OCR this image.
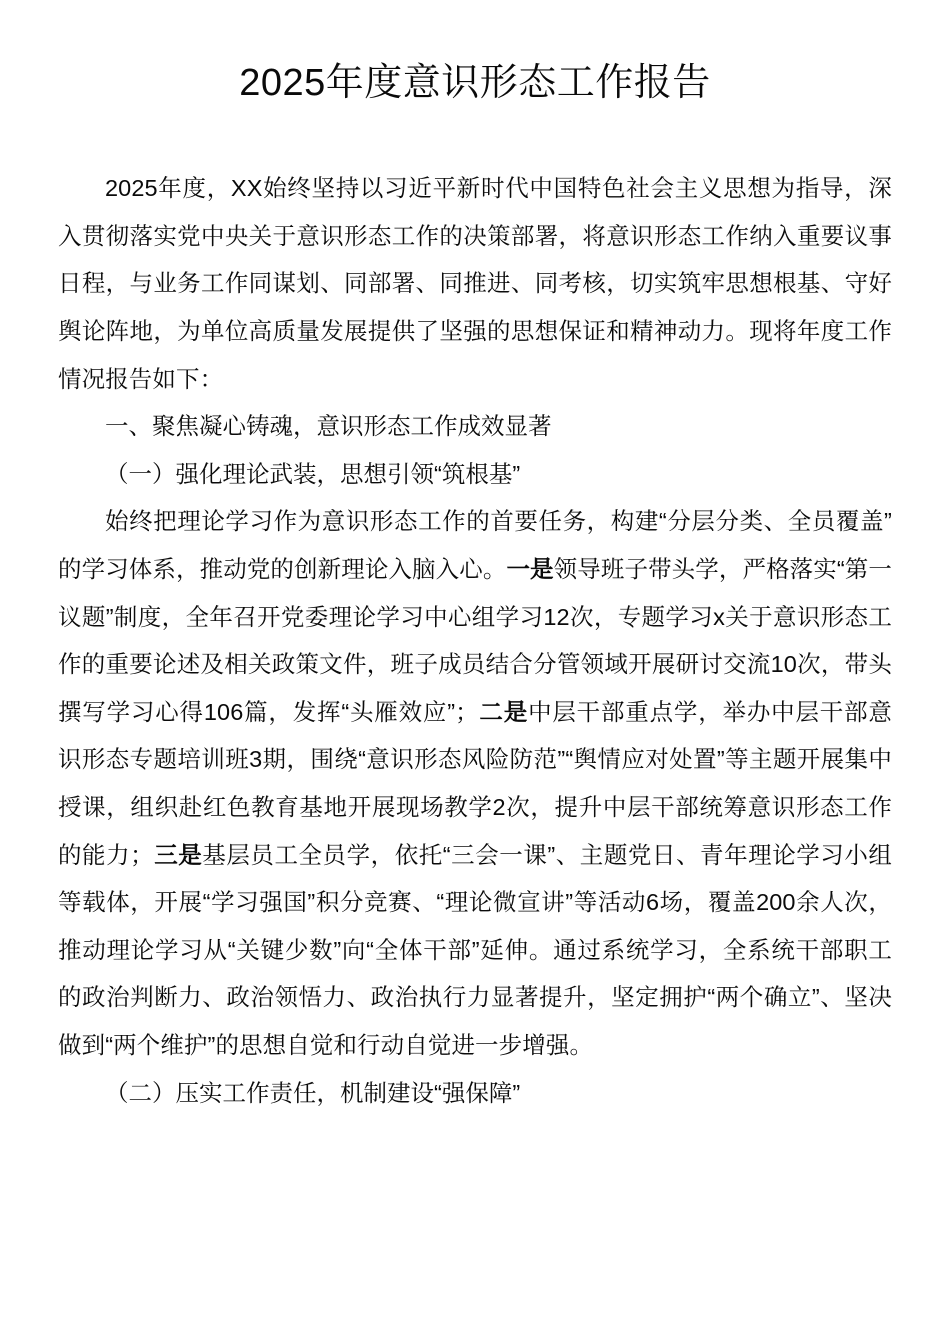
2025年度意识形态工作报告

2025年度，XX始终坚持以习近平新时代中国特色社会主义思想为指导，深入贯彻落实党中央关于意识形态工作的决策部署，将意识形态工作纳入重要议事日程，与业务工作同谋划、同部署、同推进、同考核，切实筑牢思想根基、守好舆论阵地，为单位高质量发展提供了坚强的思想保证和精神动力。现将年度工作情况报告如下：

一、聚焦凝心铸魂，意识形态工作成效显著

（一）强化理论武装，思想引领“筑根基”

始终把理论学习作为意识形态工作的首要任务，构建“分层分类、全员覆盖”的学习体系，推动党的创新理论入脑入心。一是领导班子带头学，严格落实“第一议题”制度，全年召开党委理论学习中心组学习12次，专题学习x关于意识形态工作的重要论述及相关政策文件，班子成员结合分管领域开展研讨交流10次，带头撰写学习心得106篇，发挥“头雁效应”；二是中层干部重点学，举办中层干部意识形态专题培训班3期，围绕“意识形态风险防范”“舆情应对处置”等主题开展集中授课，组织赴红色教育基地开展现场教学2次，提升中层干部统筹意识形态工作的能力；三是基层员工全员学，依托“三会一课”、主题党日、青年理论学习小组等载体，开展“学习强国”积分竞赛、“理论微宣讲”等活动6场，覆盖200余人次，推动理论学习从“关键少数”向“全体干部”延伸。通过系统学习，全系统干部职工的政治判断力、政治领悟力、政治执行力显著提升，坚定拥护“两个确立”、坚决做到“两个维护”的思想自觉和行动自觉进一步增强。

（二）压实工作责任，机制建设“强保障”
